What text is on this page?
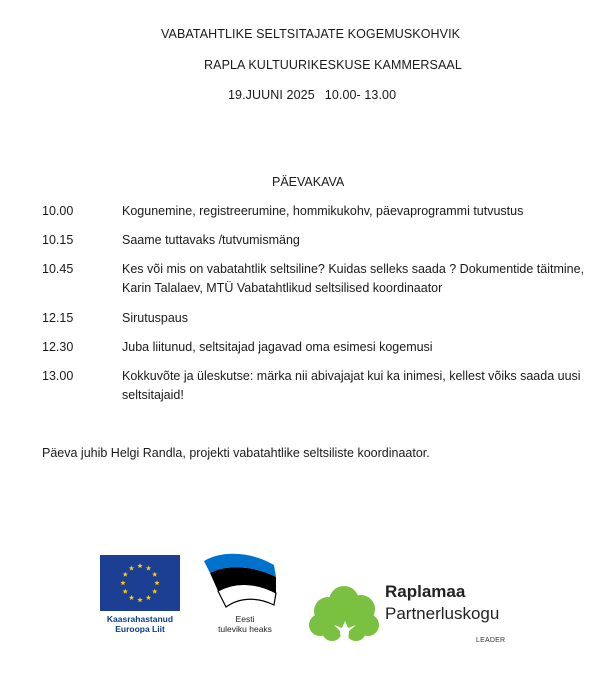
VABATAHTLIKE SELTSITAJATE KOGEMUSKOHVIK
RAPLA KULTUURIKESKUSE KAMMERSAAL
19.JUUNI 2025 10.00- 13.00
PÄEVAKAVA
10.00	Kogunemine, registreerumine, hommikukohv, päevaprogrammi tutvustus
10.15	Saame tuttavaks /tutvumismäng
10.45	Kes või mis on vabatahtlik seltsiline? Kuidas selleks saada ? Dokumentide täitmine, Karin Talalaev, MTÜ Vabatahtlikud seltsilised koordinaator
12.15	Sirutuspaus
12.30	Juba liitunud, seltsitajad jagavad oma esimesi kogemusi
13.00	Kokkuvõte ja üleskutse: märka nii abivajajat kui ka inimesi, kellest võiks saada uusi seltsitajaid!
Päeva juhib Helgi Randla, projekti vabatahtlike seltsiliste koordinaator.
Kaasrahastanud
Euroopa Liit
Eesti
tuleviku heaks
Raplamaa
Partnerluskogu
LEADER
